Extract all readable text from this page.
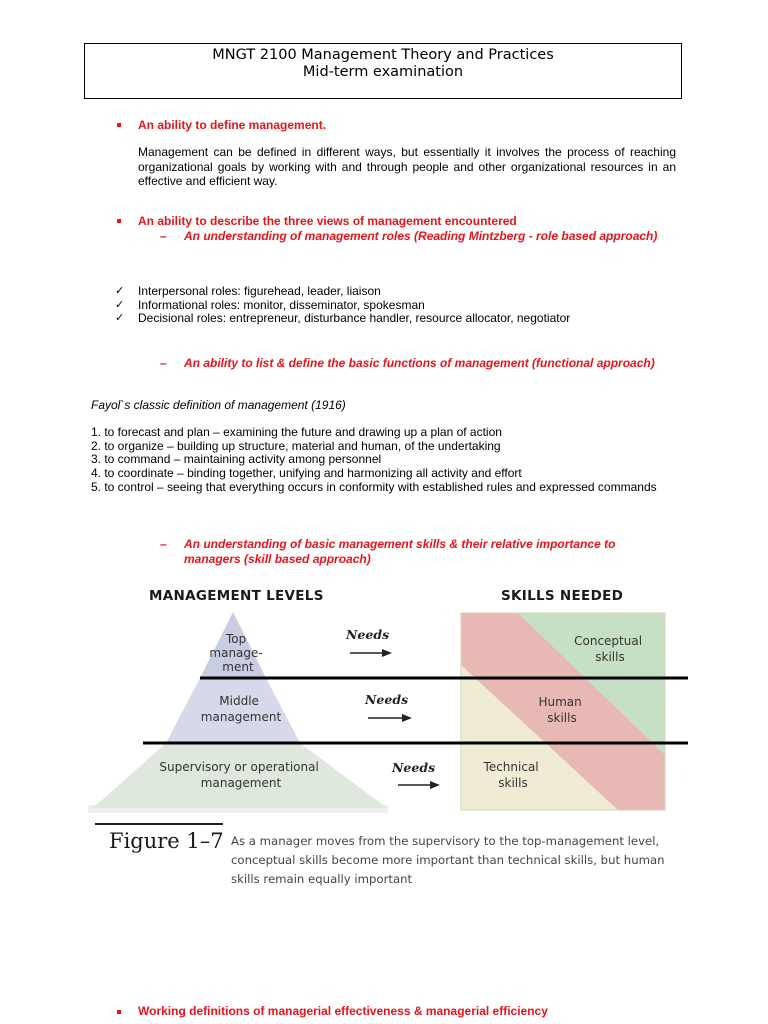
MNGT 2100 Management Theory and Practices
Mid-term examination
An ability to define management.
Management can be defined in different ways, but essentially it involves the process of reaching organizational goals by working with and through people and other organizational resources in an effective and efficient way.
An ability to describe the three views of management encountered
– An understanding of management roles (Reading Mintzberg - role based approach)
✓ Interpersonal roles: figurehead, leader, liaison
✓ Informational roles: monitor, disseminator, spokesman
✓ Decisional roles: entrepreneur, disturbance handler, resource allocator, negotiator
– An ability to list & define the basic functions of management (functional approach)
Fayol`s classic definition of management (1916)
1. to forecast and plan – examining the future and drawing up a plan of action
2. to organize – building up structure, material and human, of the undertaking
3. to command – maintaining activity among personnel
4. to coordinate – binding together, unifying and harmonizing all activity and effort
5. to control – seeing that everything occurs in conformity with established rules and expressed commands
– An understanding of basic management skills & their relative importance to managers (skill based approach)
MANAGEMENT LEVELS	SKILLS NEEDED
Top manage- ment
Middle management
Supervisory or operational management
Needs
Needs
Needs
Conceptual skills
Human skills
Technical skills
Figure 1–7 As a manager moves from the supervisory to the top-management level, conceptual skills become more important than technical skills, but human skills remain equally important
Working definitions of managerial effectiveness & managerial efficiency
